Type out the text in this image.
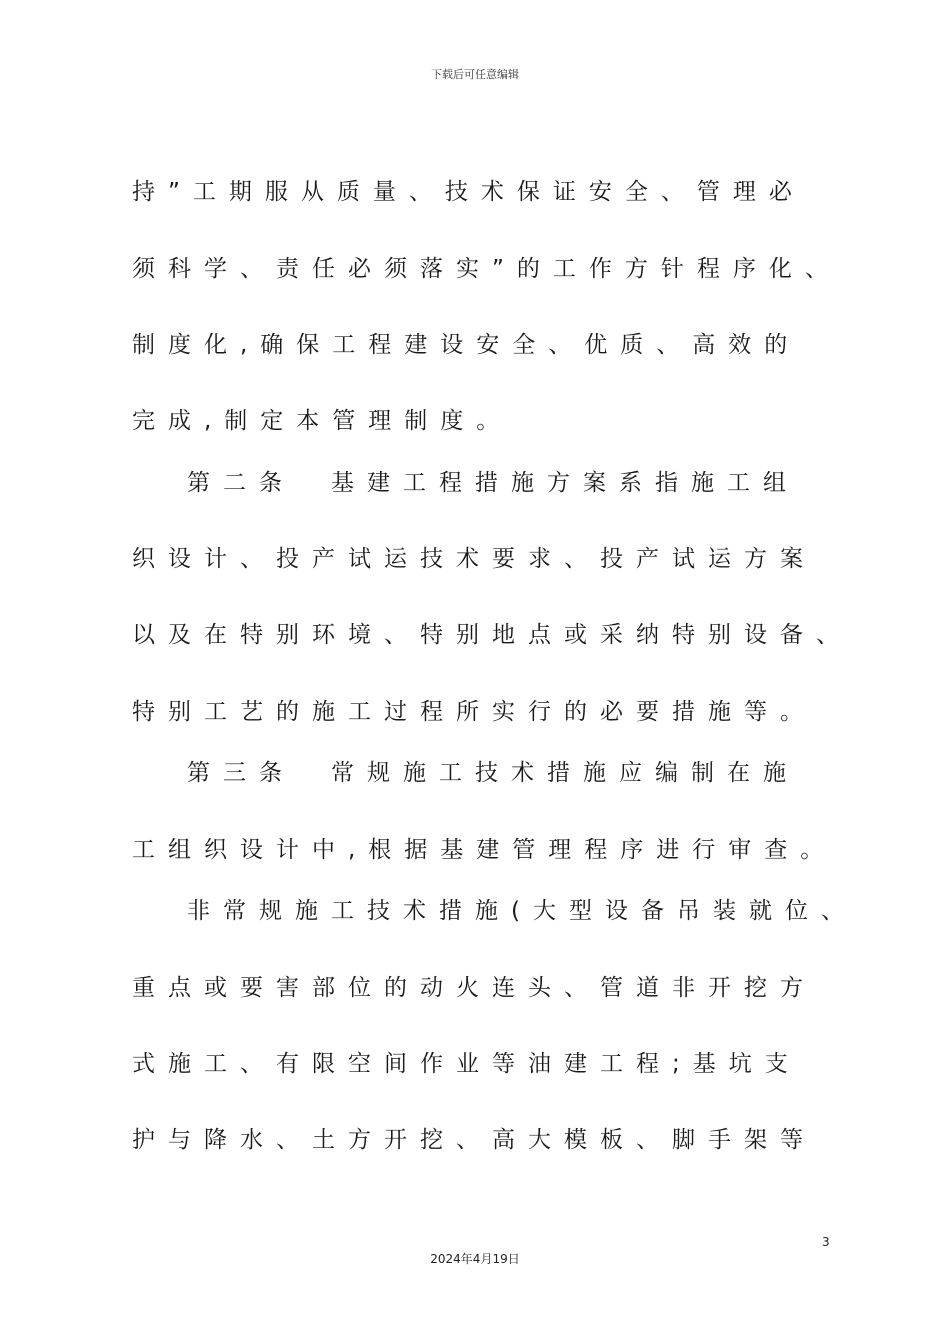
下载后可任意编辑
持”工期服从质量、技术保证安全、管理必
须科学、责任必须落实”的工作方针程序化、
制度化,确保工程建设安全、优质、高效的
完成,制定本管理制度。
第二条　基建工程措施方案系指施工组
织设计、投产试运技术要求、投产试运方案
以及在特别环境、特别地点或采纳特别设备、
特别工艺的施工过程所实行的必要措施等。
第三条　常规施工技术措施应编制在施
工组织设计中,根据基建管理程序进行审查。
非常规施工技术措施(大型设备吊装就位、
重点或要害部位的动火连头、管道非开挖方
式施工、有限空间作业等油建工程;基坑支
护与降水、土方开挖、高大模板、脚手架等
3
2024年4月19日
